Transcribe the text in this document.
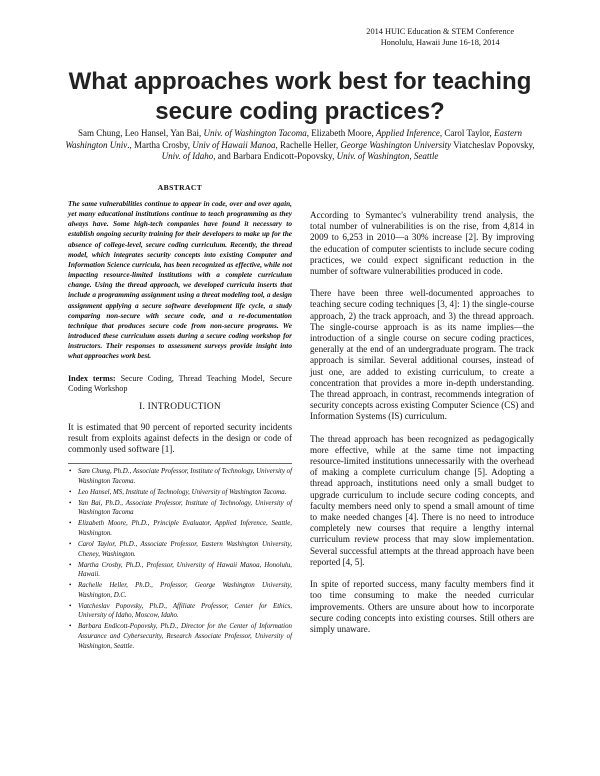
2014 HUIC Education & STEM Conference
Honolulu, Hawaii June 16-18, 2014
What approaches work best for teaching secure coding practices?

Sam Chung, Leo Hansel, Yan Bai, Univ. of Washington Tacoma, Elizabeth Moore, Applied Inference, Carol Taylor, Eastern Washington Univ., Martha Crosby, Univ of Hawaii Manoa, Rachelle Heller, George Washington University Viatcheslav Popovsky, Univ. of Idaho, and Barbara Endicott-Popovsky, Univ. of Washington, Seattle

ABSTRACT

The same vulnerabilities continue to appear in code, over and over again, yet many educational institutions continue to teach programming as they always have. Some high-tech companies have found it necessary to establish ongoing security training for their developers to make up for the absence of college-level, secure coding curriculum. Recently, the thread model, which integrates security concepts into existing Computer and Information Science curricula, has been recognized as effective, while not impacting resource-limited institutions with a complete curriculum change. Using the thread approach, we developed curricula inserts that include a programming assignment using a threat modeling tool, a design assignment applying a secure software development life cycle, a study comparing non-secure with secure code, and a re-documentation technique that produces secure code from non-secure programs. We introduced these curriculum assets during a secure coding workshop for instructors. Their responses to assessment surveys provide insight into what approaches work best.

Index terms: Secure Coding, Thread Teaching Model, Secure Coding Workshop

I. INTRODUCTION

It is estimated that 90 percent of reported security incidents result from exploits against defects in the design or code of commonly used software [1].

• Sam Chung, Ph.D., Associate Professor, Institute of Technology, University of Washington Tacoma.
• Leo Hansel, MS, Institute of Technology, University of Washington Tacoma.
• Yan Bai, Ph.D., Associate Professor, Institute of Technology, University of Washington Tacoma
• Elizabeth Moore, Ph.D., Principle Evaluator, Applied Inference, Seattle, Washington.
• Carol Taylor, Ph.D., Associate Professor, Eastern Washington University, Cheney, Washington.
• Martha Crosby, Ph.D., Professor, University of Hawaii Manoa, Honolulu, Hawaii.
• Rachelle Heller, Ph.D., Professor, George Washington University, Washington, D.C.
• Viatcheslav Popovsky, Ph.D., Affiliate Professor, Center for Ethics, University of Idaho, Moscow, Idaho.
• Barbara Endicott-Popovsky, Ph.D., Director for the Center of Information Assurance and Cybersecurity, Research Associate Professor, University of Washington, Seattle.

According to Symantec's vulnerability trend analysis, the total number of vulnerabilities is on the rise, from 4,814 in 2009 to 6,253 in 2010—a 30% increase [2]. By improving the education of computer scientists to include secure coding practices, we could expect significant reduction in the number of software vulnerabilities produced in code.

There have been three well-documented approaches to teaching secure coding techniques [3, 4]: 1) the single-course approach, 2) the track approach, and 3) the thread approach. The single-course approach is as its name implies—the introduction of a single course on secure coding practices, generally at the end of an undergraduate program. The track approach is similar. Several additional courses, instead of just one, are added to existing curriculum, to create a concentration that provides a more in-depth understanding. The thread approach, in contrast, recommends integration of security concepts across existing Computer Science (CS) and Information Systems (IS) curriculum.

The thread approach has been recognized as pedagogically more effective, while at the same time not impacting resource-limited institutions unnecessarily with the overhead of making a complete curriculum change [5]. Adopting a thread approach, institutions need only a small budget to upgrade curriculum to include secure coding concepts, and faculty members need only to spend a small amount of time to make needed changes [4]. There is no need to introduce completely new courses that require a lengthy internal curriculum review process that may slow implementation. Several successful attempts at the thread approach have been reported [4, 5].

In spite of reported success, many faculty members find it too time consuming to make the needed curricular improvements. Others are unsure about how to incorporate secure coding concepts into existing courses. Still others are simply unaware.
